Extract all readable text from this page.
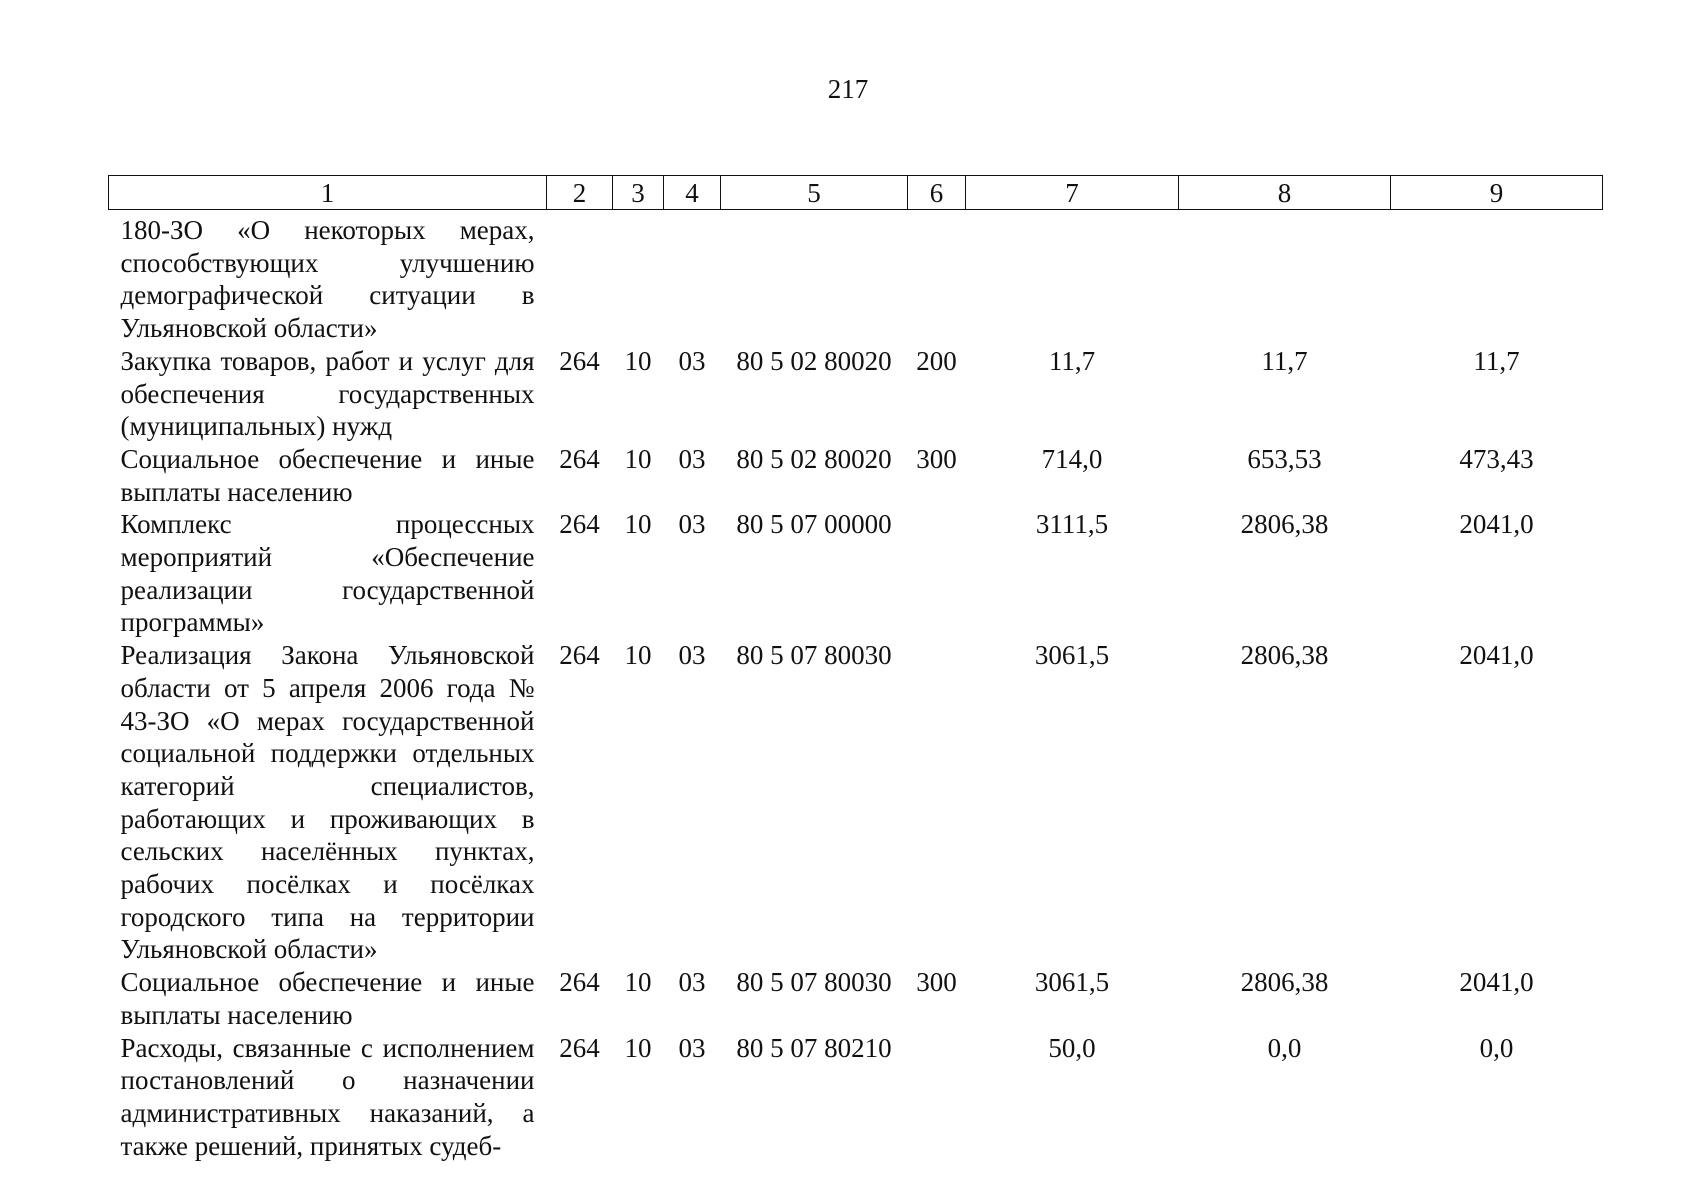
217
1	2	3	4	5	6	7	8	9
180-ЗО «О некоторых мерах, способствующих улучшению демографической ситуации в Ульяновской области»								
Закупка товаров, работ и услуг для обеспечения государственных (муниципальных) нужд	264	10	03	80 5 02 80020	200	11,7	11,7	11,7
Социальное обеспечение и иные выплаты населению	264	10	03	80 5 02 80020	300	714,0	653,53	473,43
Комплекс процессных мероприятий «Обеспечение реализации государственной программы»	264	10	03	80 5 07 00000		3111,5	2806,38	2041,0
Реализация Закона Ульяновской области от 5 апреля 2006 года № 43-ЗО «О мерах государственной социальной поддержки отдельных категорий специалистов, работающих и проживающих в сельских населённых пунктах, рабочих посёлках и посёлках городского типа на территории Ульяновской области»	264	10	03	80 5 07 80030		3061,5	2806,38	2041,0
Социальное обеспечение и иные выплаты населению	264	10	03	80 5 07 80030	300	3061,5	2806,38	2041,0
Расходы, связанные с исполнением постановлений о назначении административных наказаний, а также решений, принятых судеб-	264	10	03	80 5 07 80210		50,0	0,0	0,0
